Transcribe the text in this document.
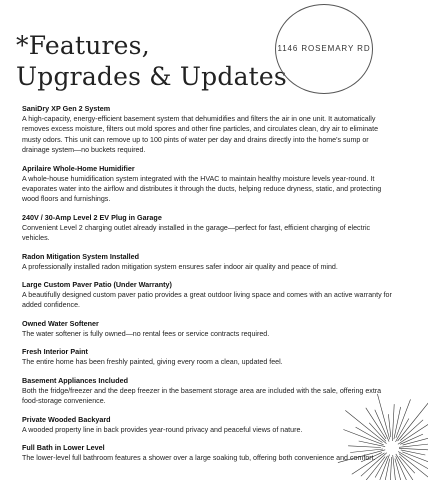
*Features,
Upgrades & Updates
1146 ROSEMARY RD

SaniDry XP Gen 2 System

A high-capacity, energy-efficient basement system that dehumidifies and filters the air in one unit. It automatically removes excess moisture, filters out mold spores and other fine particles, and circulates clean, dry air to eliminate musty odors. This unit can remove up to 100 pints of water per day and drains directly into the home's sump or drainage system—no buckets required.

Aprilaire Whole-Home Humidifier

A whole-house humidification system integrated with the HVAC to maintain healthy moisture levels year-round. It evaporates water into the airflow and distributes it through the ducts, helping reduce dryness, static, and protecting wood floors and furnishings.

240V / 30-Amp Level 2 EV Plug in Garage

Convenient Level 2 charging outlet already installed in the garage—perfect for fast, efficient charging of electric vehicles.

Radon Mitigation System Installed

A professionally installed radon mitigation system ensures safer indoor air quality and peace of mind.

Large Custom Paver Patio (Under Warranty)

A beautifully designed custom paver patio provides a great outdoor living space and comes with an active warranty for added confidence.

Owned Water Softener

The water softener is fully owned—no rental fees or service contracts required.

Fresh Interior Paint

The entire home has been freshly painted, giving every room a clean, updated feel.

Basement Appliances Included

Both the fridge/freezer and the deep freezer in the basement storage area are included with the sale, offering extra food-storage convenience.

Private Wooded Backyard

A wooded property line in back provides year-round privacy and peaceful views of nature.

Full Bath in Lower Level

The lower-level full bathroom features a shower over a large soaking tub, offering both convenience and comfort.
